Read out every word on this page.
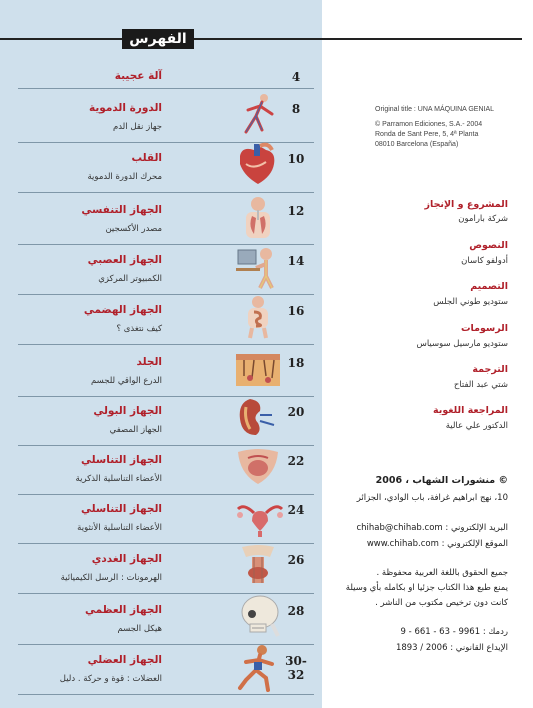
الفهرس
4
آلة عجيبة
8
الدورة الدموية
جهاز نقل الدم
10
القلب
محرك الدورة الدموية
12
الجهاز التنفسي
مصدر الأكسجين
14
الجهاز العصبي
الكمبيوتر المركزي
16
الجهاز الهضمي
كيف نتغذى ؟
18
الجلد
الدرع الواقي للجسم
20
الجهاز البولي
الجهاز المصفي
22
الجهاز التناسلي
الأعضاء التناسلية الذكرية
24
الجهاز التناسلي
الأعضاء التناسلية الأنثوية
26
الجهاز الغددي
الهرمونات : الرسل الكيميائية
28
الجهاز العظمي
هيكل الجسم
30-32
الجهاز العضلي
العضلات : قوة و حركة . دليل
Original title : UNA MÁQUINA GENIAL
© Parramon Ediciones, S.A.- 2004
Ronda de Sant Pere, 5, 4ª Planta
08010 Barcelona (España)
المشروع و الإنجاز
شركة بارامون
النصوص
أدولفو كاسان
التصميم
ستوديو طوني الجلس
الرسومات
ستوديو مارسيل سوسياس
الترجمة
شتي عبد الفتاح
المراجعة اللغوية
الدكتور علي عالية
© منشورات الشهاب ، 2006
10، نهج ابراهيم غرافة، باب الوادي، الجزائر
البريد الإلكتروني : chihab@chihab.com
الموقع الإلكتروني : www.chihab.com
جميع الحقوق باللغة العربية محفوظة .
يمنع طبع هذا الكتاب جزئيا او بكامله بأي وسيلة
كانت دون ترخيص مكتوب من الناشر .
ردمك : 9961 - 63 - 661 - 9
الإيداع القانوني : 2006 / 1893
